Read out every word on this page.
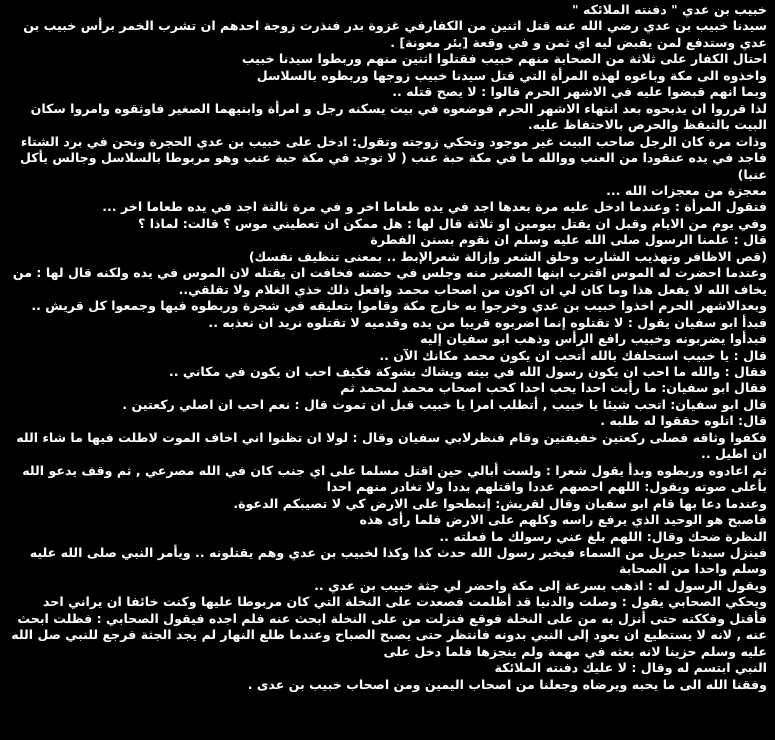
خبيب بن عدي " دفنته الملائكه "

سيدنا خبيب بن عدي رضي الله عنه قتل اثنين من الكفارفي غزوة بدر فنذرت زوجة احدهم ان تشرب الخمر برأس خبيب بن عدي وستدفع لمن يقبض ليه اي ثمن و في وقعة [بئر معونة] .

احتال الكفار على ثلاثة من الصحابة منهم خبيب فقتلوا اثنين منهم وربطوا سيدنا خبيب

واخذوه الى مكة وباعوه لهذه المرأة التي قتل سيدنا خبيب زوجها وربطوه بالسلاسل

وبما انهم قبضوا عليه في الاشهر الحرم قالوا : لا يصح قتله ..

لذا قرروا ان يذبحوه بعد انتهاء الاشهر الحرم فوضعوه في بيت يسكنه رجل و امرأة وابنيهما الصغير فاوثقوه وامروا سكان البيت بالتيقظ والحرص بالاحتفاظ عليه.

وذات مرة كان الرجل صاحب البيت غير موجود وتحكي زوجته وتقول: ادخل على خبيب بن عدي الحجرة ونحن في برد الشتاء فاجد في يده عنقودا من العنب ووالله ما في مكة حبة عنب ( لا توجد في مكة حبة عنب وهو مربوطا بالسلاسل وجالس يأكل عنبا)

معجزة من معجزات الله ...

فتقول المرأة : وعندما ادخل عليه مرة بعدها اجد في يده طعاما اخر و في مرة ثالثة اجد في يده طعاما اخر ...

وفي يوم من الايام وقبل ان يقتل بيومين او ثلاثة قال لها : هل ممكن ان تعطيني موس ؟ قالت: لماذا ؟

قال : علمنا الرسول صلى الله عليه وسلم ان نقوم بسنن الفطرة

(قص الاظافر وتهذيب الشارب وحلق الشعر وإزالة شعرالإبط .. بمعنى تنظيف نفسك)

وعندما احضرت له الموس اقترب ابنها الصغير منه وجلس في حضنه فخافت ان يقتله لان الموس في يده ولكنه قال لها : من يخاف الله لا يفعل هذا وما كان لي ان اكون من اصحاب محمد وافعل ذلك خذي الغلام ولا تقلقي..

وبعدالاشهر الحرم اخذوا خبيب بن عدي وخرجوا به خارج مكة وقاموا بتعليقه في شجرة وربطوه فيها وجمعوا كل قريش ..

فبدأ ابو سفيان يقول : لا تقتلوه إنما اضربوه قريبا من يده وقدميه لا تقتلوه نريد ان نعذبه ..

فبدأوا يضربونه وخبيب رافع الرأس وذهب ابو سفيان إليه

قال : يا خبيب استحلفك بالله أتحب ان يكون محمد مكانك الآن ..

فقال : والله ما احب ان يكون رسول الله في بيته ويشاك بشوكة فكيف احب ان يكون في مكاني ..

فقال ابو سفيان: ما رأيت احدا يحب احدا كحب اصحاب محمد لمحمد ثم

قال ابو سفيان: اتحب شيئا يا خبيب , أتطلب امرا يا خبيب قبل ان تموت قال : نعم احب ان اصلي ركعتين .

قال: اتلوه حققوا له طلبه .

فكفوا وثاقه فصلى ركعتين خفيفتين وقام فنظرلابي سفيان وقال : لولا ان تظنوا اني اخاف الموت لاطلت فيها ما شاء الله ان اطيل ..

ثم اعادوه وربطوه وبدأ يقول شعرا : ولست أبالي حين اقتل مسلما على اي جنب كان في الله مصرعي , ثم وقف يدعو الله بأعلى صوته ويقول: اللهم احصهم عددا واقتلهم بددا ولا تغادر منهم احدا

وعندما دعا بها قام ابو سفيان وقال لقريش: إنبطحوا على الارض كي لا تصيبكم الدعوة.

فاصبح هو الوحيد الذي يرفع راسه وكلهم على الارض فلما رأى هذه

النظرة ضحك وقال: اللهم بلغ عني رسولك ما فعلته ..

فينزل سيدنا جبريل من السماء فيخبر رسول الله حدث كذا وكذا لخبيب بن عدي وهم يقتلونه .. ويأمر النبي صلى الله عليه وسلم واحدا من الصحابة

ويقول الرسول له : اذهب بسرعة إلى مكة واحضر لي جثة خبيب بن عدي ..

ويحكي الصحابي يقول : وصلت والدنيا قد أظلمت فصعدت على النخلة التي كان مربوطا عليها وكنت خائفا ان يراني احد فأقتل وفككته حتى أنزل به من على النخلة فوقع فنزلت من على النخلة ابحث عنه فلم اجده فيقول الصحابي : فظلت ابحث عنه , لانه لا يستطيع ان يعود إلى النبي بدونه فانتظر حتى يصبح الصباح وعندما طلع النهار لم يجد الجثة فرجع للنبي صل الله عليه وسلم حزينا لانه بعثه في مهمة ولم ينجزها فلما دخل على

النبي ابتسم له وقال : لا عليك دفنته الملائكة

وفقنا الله الى ما يحبه ويرضاه وجعلنا من اصحاب اليمين ومن اصحاب خبيب بن عدى .
